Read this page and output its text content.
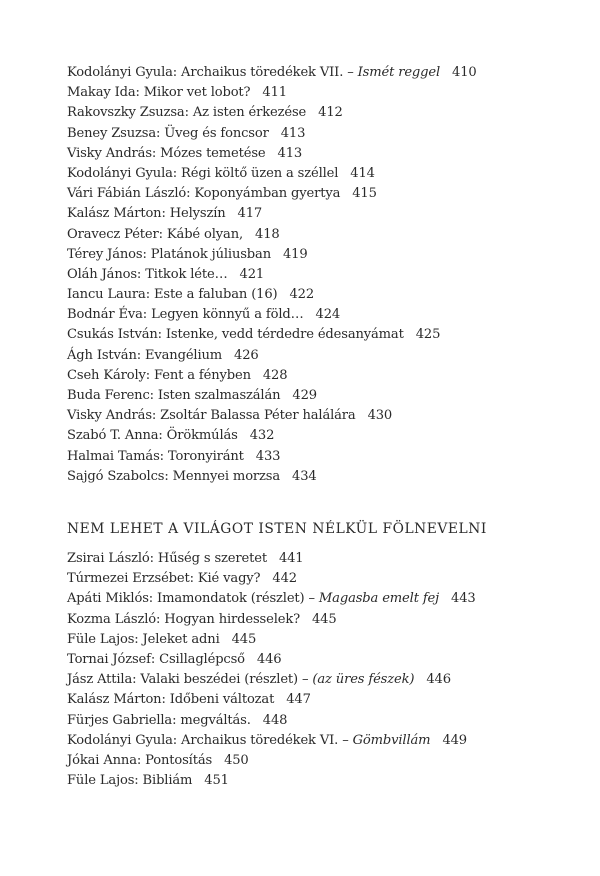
Kodolányi Gyula: Archaikus töredékek VII. – Ismét reggel 410
Makay Ida: Mikor vet lobot? 411
Rakovszky Zsuzsa: Az isten érkezése 412
Beney Zsuzsa: Üveg és foncsor 413
Visky András: Mózes temetése 413
Kodolányi Gyula: Régi költő üzen a széllel 414
Vári Fábián László: Koponyámban gyertya 415
Kalász Márton: Helyszín 417
Oravecz Péter: Kábé olyan, 418
Térey János: Platánok júliusban 419
Oláh János: Titkok léte… 421
Iancu Laura: Este a faluban (16) 422
Bodnár Éva: Legyen könnyű a föld… 424
Csukás István: Istenke, vedd térdedre édesanyámat 425
Ágh István: Evangélium 426
Cseh Károly: Fent a fényben 428
Buda Ferenc: Isten szalmaszálán 429
Visky András: Zsoltár Balassa Péter halálára 430
Szabó T. Anna: Örökmúlás 432
Halmai Tamás: Toronyiránt 433
Sajgó Szabolcs: Mennyei morzsa 434
NEM LEHET A VILÁGOT ISTEN NÉLKÜL FÖLNEVELNI
Zsirai László: Hűség s szeretet 441
Túrmezei Erzsébet: Kié vagy? 442
Apáti Miklós: Imamondatok (részlet) – Magasba emelt fej 443
Kozma László: Hogyan hirdesselek? 445
Füle Lajos: Jeleket adni 445
Tornai József: Csillaglépcső 446
Jász Attila: Valaki beszédei (részlet) – (az üres fészek) 446
Kalász Márton: Időbeni változat 447
Fürjes Gabriella: megváltás. 448
Kodolányi Gyula: Archaikus töredékek VI. – Gömbvillám 449
Jókai Anna: Pontosítás 450
Füle Lajos: Bibliám 451
